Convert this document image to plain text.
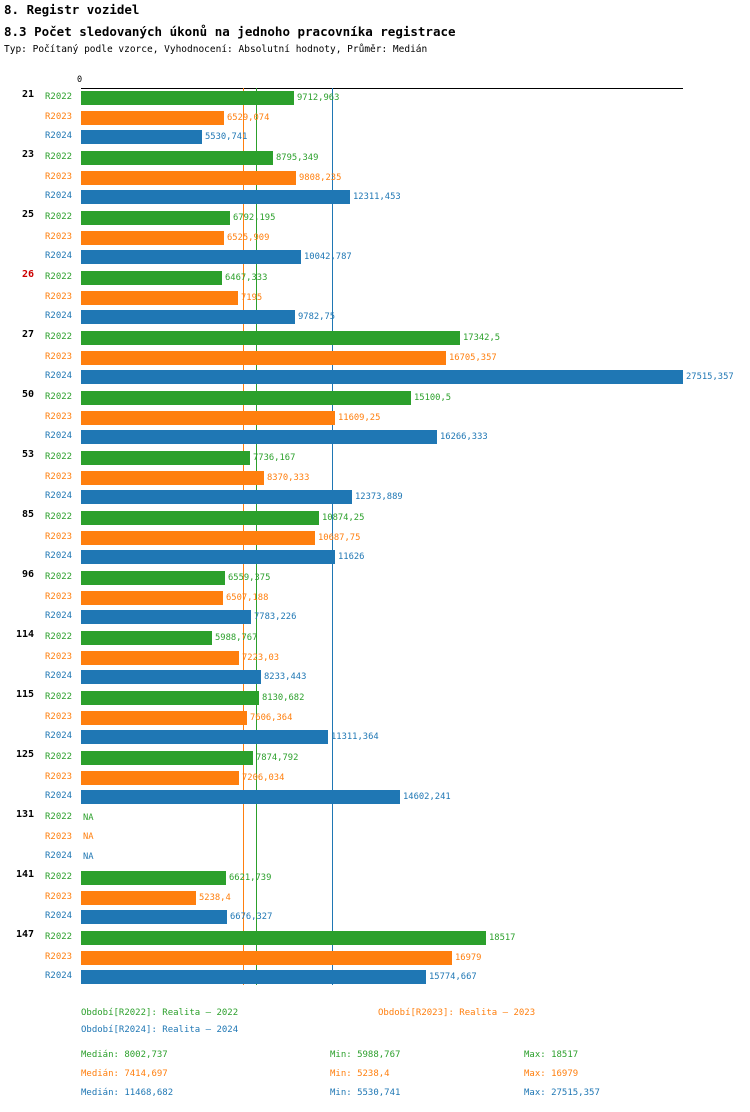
8. Registr vozidel
8.3 Počet sledovaných úkonů na jednoho pracovníka registrace
Typ: Počítaný podle vzorce, Vyhodnocení: Absolutní hodnoty, Průměr: Medián
0
21 R2022	9712,963
R2023	6529,074
R2024	5530,741
23 R2022	8795,349
R2023	9808,235
R2024	12311,453
25 R2022	6792,195
R2023	6525,909
R2024	10042,787
26 R2022	6467,333
R2023	7195
R2024	9782,75
27 R2022	17342,5
R2023	16705,357
R2024	27515,357
50 R2022	15100,5
R2023	11609,25
R2024	16266,333
53 R2022	7736,167
R2023	8370,333
R2024	12373,889
85 R2022	10874,25
R2023	10687,75
R2024	11626
96 R2022	6559,375
R2023	6507,188
R2024	7783,226
114 R2022	5988,767
R2023	7223,03
R2024	8233,443
115 R2022	8130,682
R2023	7606,364
R2024	11311,364
125 R2022	7874,792
R2023	7206,034
R2024	14602,241
131 R2022 NA
R2023 NA
R2024 NA
141 R2022	6621,739
R2023	5238,4
R2024	6676,327
147 R2022	18517
R2023	16979
R2024	15774,667
Období[R2022]: Realita – 2022	Období[R2023]: Realita – 2023
Období[R2024]: Realita – 2024
Medián: 8002,737	Min: 5988,767	Max: 18517
Medián: 7414,697	Min: 5238,4	Max: 16979
Medián: 11468,682	Min: 5530,741	Max: 27515,357
